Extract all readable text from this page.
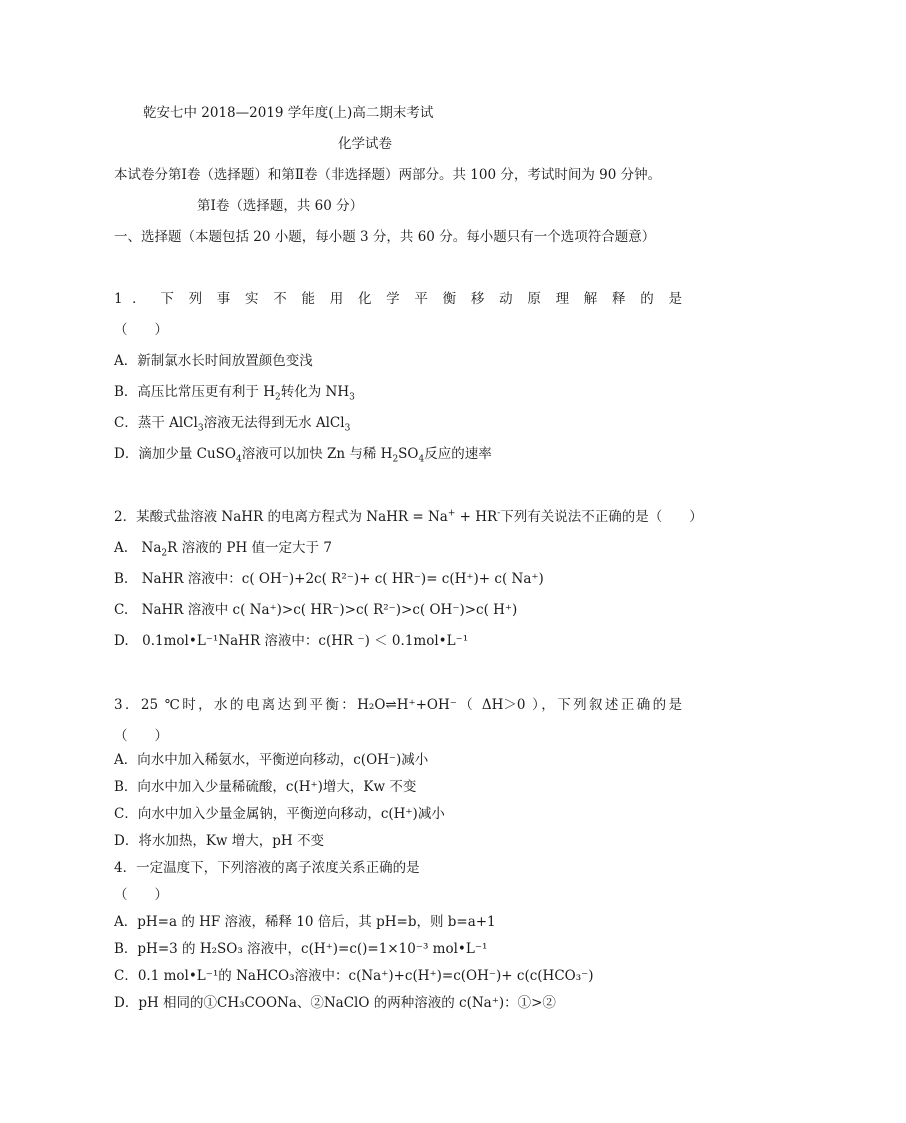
乾安七中 2018—2019 学年度(上)高二期末考试
化学试卷
本试卷分第Ⅰ卷（选择题）和第Ⅱ卷（非选择题）两部分。共 100 分，考试时间为 90 分钟。
第Ⅰ卷（选择题，共 60 分）
一、选择题（本题包括 20 小题，每小题 3 分，共 60 分。每小题只有一个选项符合题意）
1 ． 下 列 事 实 不 能 用 化 学 平 衡 移 动 原 理 解 释 的 是
（　　）
A．新制氯水长时间放置颜色变浅
B．高压比常压更有利于 $H_2$转化为 $NH_3$
C．蒸干 AlCl$_3$溶液无法得到无水 AlCl$_3$
D．滴加少量 CuSO$_4$溶液可以加快 Zn 与稀 $H_2SO_4$反应的速率
2．某酸式盐溶液 NaHR 的电离方程式为 NaHR = Na+ + HR-下列有关说法不正确的是（　　）
A.　$Na_2R$ 溶液的 PH 值一定大于 7
B.　NaHR 溶液中：c( OH⁻)+2c( R²⁻)+ c( HR⁻)= c(H⁺)+ c( Na⁺)
C.　NaHR 溶液中 c( Na⁺)>c( HR⁻)>c( R²⁻)>c( OH⁻)>c( H⁺)
D.　0.1mol•L⁻¹NaHR 溶液中：c(HR ⁻) ＜ 0.1mol•L⁻¹
3．25 ℃时，水的电离达到平衡：H₂O⇌H⁺+OH⁻（ ΔH＞0 ），下列叙述正确的是
（　　）
A．向水中加入稀氨水，平衡逆向移动，c(OH⁻)减小
B．向水中加入少量稀硫酸，c(H⁺)增大，Kw 不变
C．向水中加入少量金属钠，平衡逆向移动，c(H⁺)减小
D．将水加热，Kw 增大，pH 不变
4．一定温度下，下列溶液的离子浓度关系正确的是
（　　）
A．pH=a 的 HF 溶液，稀释 10 倍后，其 pH=b，则 b=a+1
B．pH=3 的 H₂SO₃ 溶液中，c(H⁺)=c()=1×10⁻³ mol•L⁻¹
C．0.1 mol•L⁻¹的 NaHCO₃溶液中：c(Na⁺)+c(H⁺)=c(OH⁻)+ c(c(HCO₃⁻)
D．pH 相同的①CH₃COONa、②NaClO 的两种溶液的 c(Na⁺)：①>②
